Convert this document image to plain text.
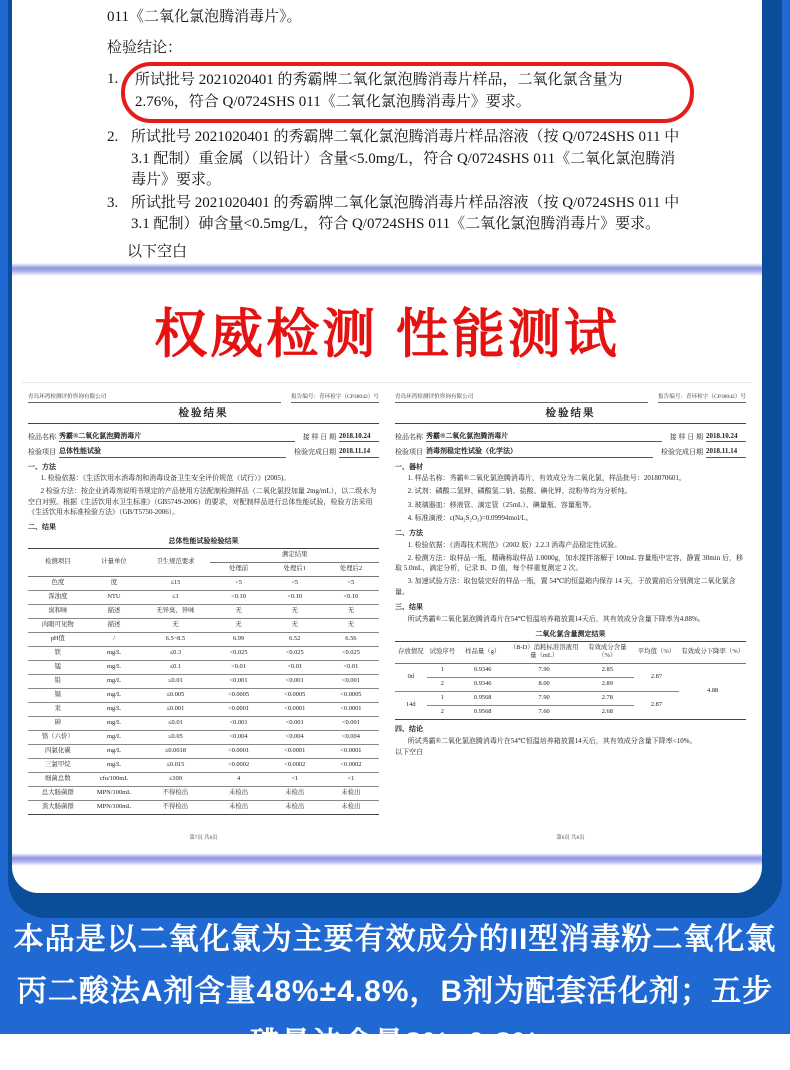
011《二氧化氯泡腾消毒片》。
检验结论：
1.	所试批号 2021020401 的秀霸牌二氧化氯泡腾消毒片样品，二氧化氯含量为 2.76%，符合 Q/0724SHS 011《二氧化氯泡腾消毒片》要求。
2. 所试批号 2021020401 的秀霸牌二氧化氯泡腾消毒片样品溶液（按 Q/0724SHS 011 中 3.1 配制）重金属（以铅计）含量<5.0mg/L，符合 Q/0724SHS 011《二氧化氯泡腾消毒片》要求。
3. 所试批号 2021020401 的秀霸牌二氧化氯泡腾消毒片样品溶液（按 Q/0724SHS 011 中 3.1 配制）砷含量<0.5mg/L，符合 Q/0724SHS 011《二氧化氯泡腾消毒片》要求。
以下空白
权威检测 性能测试
青岛环湾检测评价咨询有限公司	报告编号：青环检字（CP38042）号
检验结果
检品名称 秀霸®二氧化氯泡腾消毒片	接 样 日 期 2018.10.24
检验项目 总体性能试验	检验完成日期 2018.11.14
一、方法
1. 检验依据：《生活饮用水消毒剂和消毒设备卫生安全评价规范（试行）》(2005)。
2 检验方法：按企业消毒剂说明书规定的产品使用方法配制检测样品（二氧化氯投加量 2mg/mL），以二级水为空白对照。根据《生活饮用水卫生标准》（GB5749-2006）的要求，对配制样品进行总体性能试验，检验方法采用《生活饮用水标准检验方法》（GB/T5750-2006）。
二、结果
总体性能试验检验结果
检测项目	计量单位	卫生规范要求	测定结果		
			处理前	处理后1	处理后2
色度	度	≤15	<5	<5	<5
浑浊度	NTU	≤1	<0.10	<0.10	<0.10
臭和味	描述	无异臭、异味	无	无	无
肉眼可见物	描述	无	无	无	无
pH值	/	6.5~8.5	6.99	6.52	6.56
铁	mg/L	≤0.3	<0.025	<0.025	<0.025
锰	mg/L	≤0.1	<0.01	<0.01	<0.01
铅	mg/L	≤0.01	<0.001	<0.001	<0.001
镉	mg/L	≤0.005	<0.0005	<0.0005	<0.0005
汞	mg/L	≤0.001	<0.0001	<0.0001	<0.0001
砷	mg/L	≤0.01	<0.001	<0.001	<0.001
铬（六价）	mg/L	≤0.05	<0.004	<0.004	<0.004
四氯化碳	mg/L	≤0.0018	<0.0001	<0.0001	<0.0001
三氯甲烷	mg/L	≤0.015	<0.0002	<0.0002	<0.0002
细菌总数	cfu/100mL	≤100	4	<1	<1
总大肠菌群	MPN/100mL	不得检出	未检出	未检出	未检出
粪大肠菌群	MPN/100mL	不得检出	未检出	未检出	未检出
第7页 共8页
青岛环湾检测评价咨询有限公司	报告编号：青环检字（CP38042）号
检验结果
检品名称 秀霸®二氧化氯泡腾消毒片	接 样 日 期 2018.10.24
检验项目 消毒剂稳定性试验（化学法）	检验完成日期 2018.11.14
一、器材
1. 样品名称：秀霸®二氧化氯泡腾消毒片，有效成分为二氧化氯，样品批号：2018070601。
2. 试剂：磷酸二氢钾、磷酸氢二钠、盐酸、碘化钾、淀粉等均为分析纯。
3. 玻璃器皿：移液管、滴定管（25mL）、碘量瓶、容量瓶等。
4. 标准滴液：c(Na₂S₂O₃)=0.09994mol/L。
二、方法
1. 检验依据：《消毒技术规范》（2002 版）2.2.3 消毒产品稳定性试验。
2. 检测方法：取样品一瓶，精确称取样品 1.0000g，加水搅拌溶解于 100mL 容量瓶中定容，静置 30min 后，移取 5.0mL，滴定分析，记录 B、D 值，每个样重复测定 2 次。
3. 加速试验方法：取包装完好的样品一瓶，置 54℃的恒温箱内保存 14 天，于放置前后分别测定二氧化氯含量。
三、结果
所试秀霸®二氧化氯泡腾消毒片在54℃恒温培养箱放置14天后，其有效成分含量下降率为4.88%。
二氧化氯含量测定结果
存放情况	试验序号	样品量（g）	（B-D）消耗标准溶液用量（mL）	有效成分含量（%）	平均值（%）	有效成分下降率（%）
0d	1	0.9346	7.90	2.85	2.87	4.88
	2	0.9346	8.00	2.89		
14d	1	0.9568	7.90	2.78	2.87	
	2	0.9568	7.60	2.68		
四、结论
所试秀霸®二氧化氯泡腾消毒片在54℃恒温培养箱放置14天后，其有效成分含量下降率<10%。
以下空白
第6页 共8页
本品是以二氧化氯为主要有效成分的II型消毒粉二氧化氯
丙二酸法A剂含量48%±4.8%，B剂为配套活化剂；五步
碘量法含量8%±0.8%
